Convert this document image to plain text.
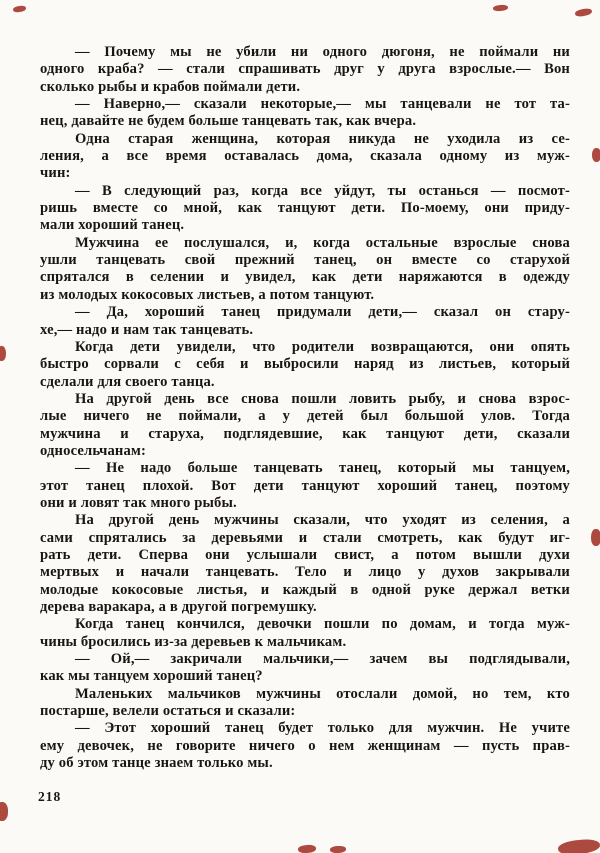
— Почему мы не убили ни одного дюгоня, не поймали ни
одного краба? — стали спрашивать друг у друга взрослые.— Вон
сколько рыбы и крабов поймали дети.
— Наверно,— сказали некоторые,— мы танцевали не тот та-
нец, давайте не будем больше танцевать так, как вчера.
Одна старая женщина, которая никуда не уходила из се-
ления, а все время оставалась дома, сказала одному из муж-
чин:
— В следующий раз, когда все уйдут, ты останься — посмот-
ришь вместе со мной, как танцуют дети. По-моему, они приду-
мали хороший танец.
Мужчина ее послушался, и, когда остальные взрослые снова
ушли танцевать свой прежний танец, он вместе со старухой
спрятался в селении и увидел, как дети наряжаются в одежду
из молодых кокосовых листьев, а потом танцуют.
— Да, хороший танец придумали дети,— сказал он стару-
хе,— надо и нам так танцевать.
Когда дети увидели, что родители возвращаются, они опять
быстро сорвали с себя и выбросили наряд из листьев, который
сделали для своего танца.
На другой день все снова пошли ловить рыбу, и снова взрос-
лые ничего не поймали, а у детей был большой улов. Тогда
мужчина и старуха, подглядевшие, как танцуют дети, сказали
односельчанам:
— Не надо больше танцевать танец, который мы танцуем,
этот танец плохой. Вот дети танцуют хороший танец, поэтому
они и ловят так много рыбы.
На другой день мужчины сказали, что уходят из селения, а
сами спрятались за деревьями и стали смотреть, как будут иг-
рать дети. Сперва они услышали свист, а потом вышли духи
мертвых и начали танцевать. Тело и лицо у духов закрывали
молодые кокосовые листья, и каждый в одной руке держал ветки
дерева варакара, а в другой погремушку.
Когда танец кончился, девочки пошли по домам, и тогда муж-
чины бросились из-за деревьев к мальчикам.
— Ой,— закричали мальчики,— зачем вы подглядывали,
как мы танцуем хороший танец?
Маленьких мальчиков мужчины отослали домой, но тем, кто
постарше, велели остаться и сказали:
— Этот хороший танец будет только для мужчин. Не учите
ему девочек, не говорите ничего о нем женщинам — пусть прав-
ду об этом танце знаем только мы.
218
